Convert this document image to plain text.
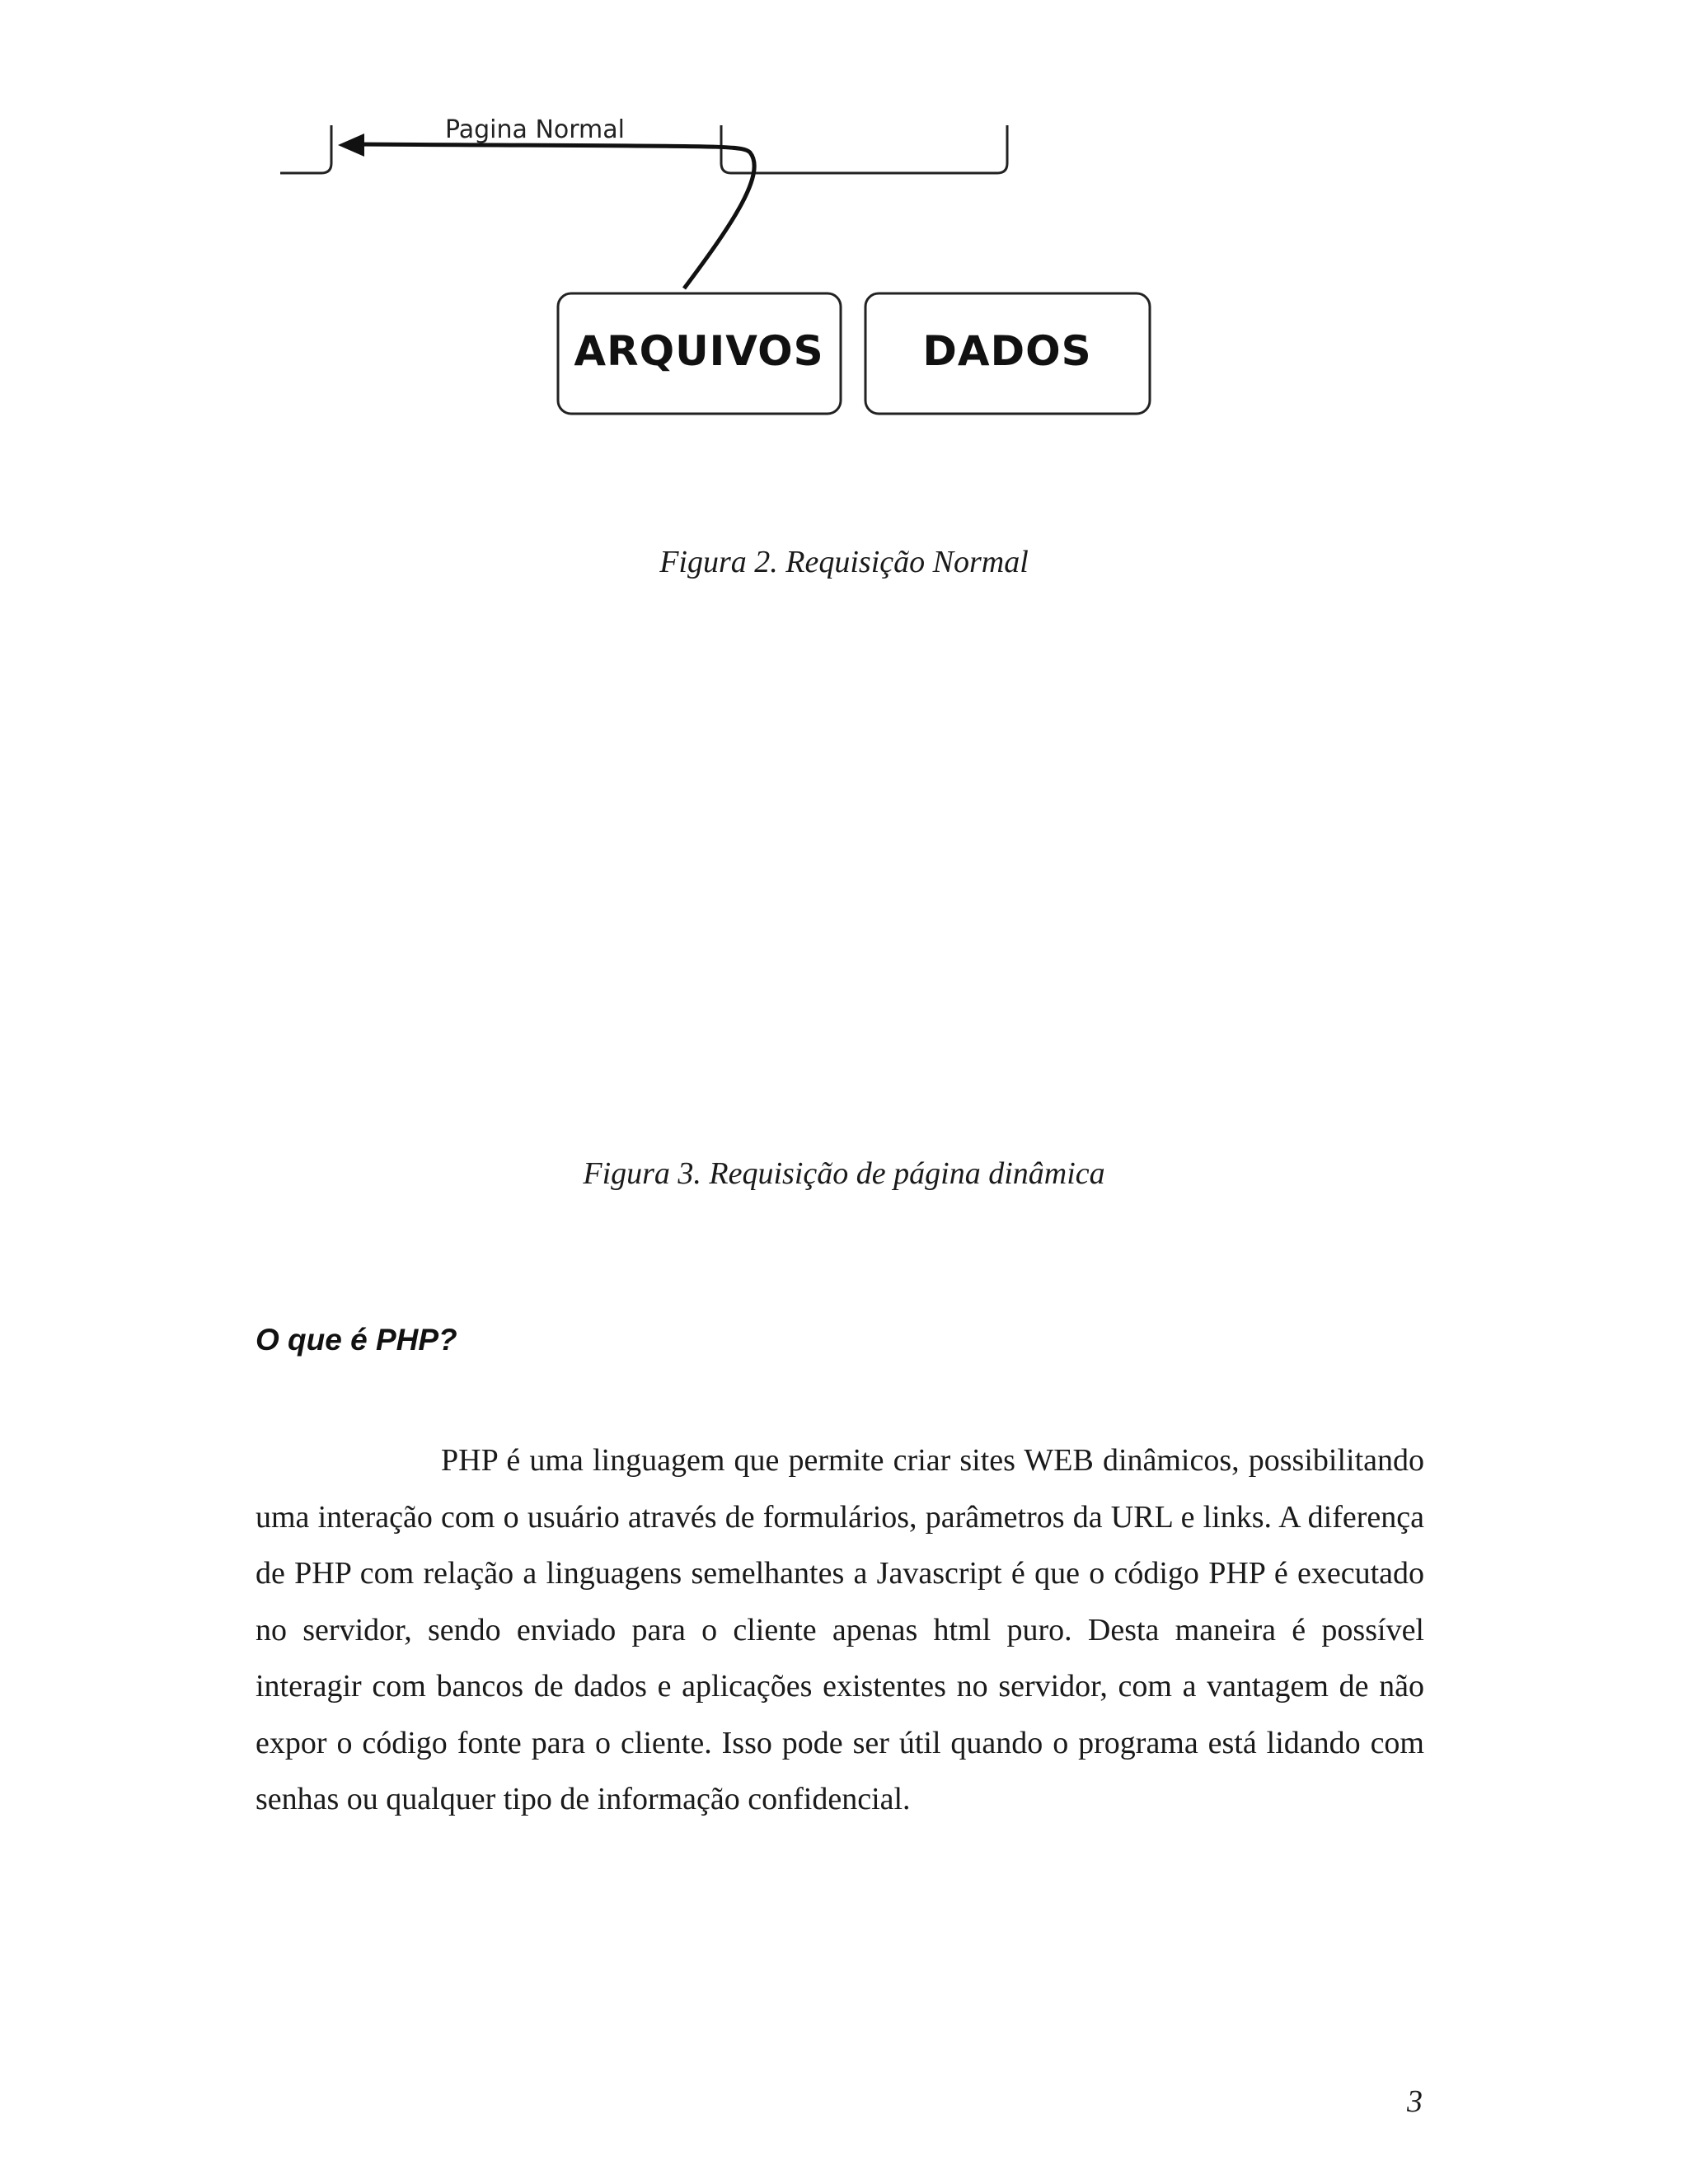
Pagina Normal
ARQUIVOS DADOS

Figura 2. Requisição Normal

Figura 3. Requisição de página dinâmica

O que é PHP?

PHP é uma linguagem que permite criar sites WEB dinâmicos, possibilitando uma interação com o usuário através de formulários, parâmetros da URL e links. A diferença de PHP com relação a linguagens semelhantes a Javascript é que o código PHP é executado no servidor, sendo enviado para o cliente apenas html puro. Desta maneira é possível interagir com bancos de dados e aplicações existentes no servidor, com a vantagem de não expor o código fonte para o cliente. Isso pode ser útil quando o programa está lidando com senhas ou qualquer tipo de informação confidencial.

3
